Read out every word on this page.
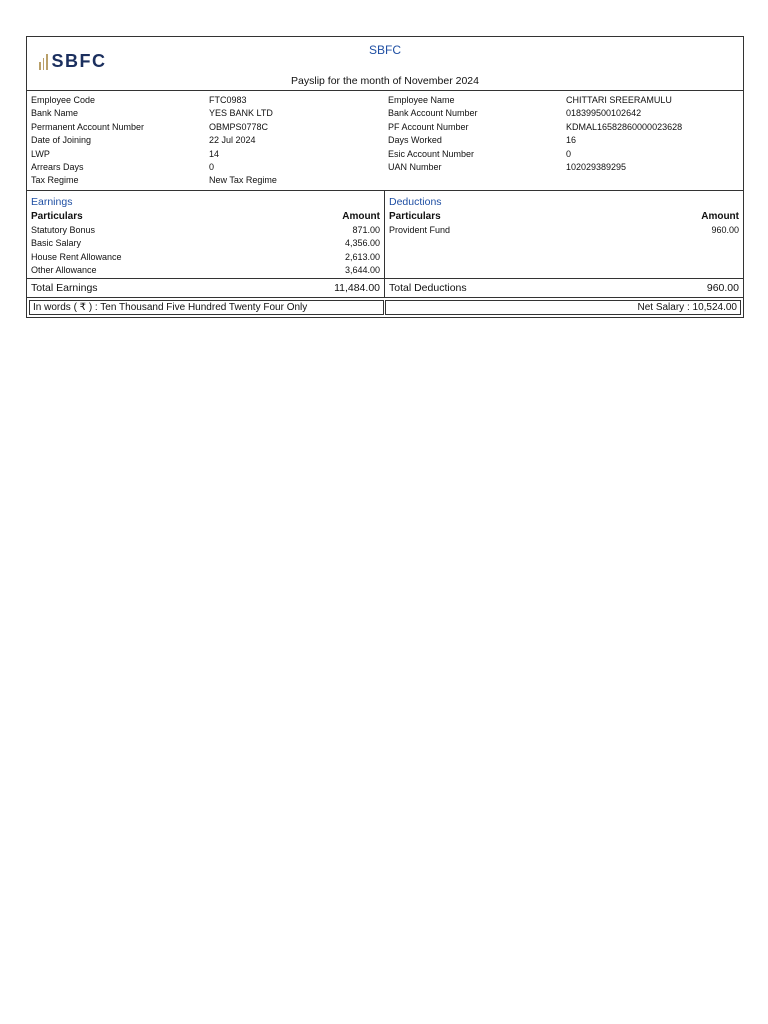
SBFC
SBFC
Payslip for the month of November 2024
Employee Code	FTC0983	Employee Name	CHITTARI SREERAMULU
Bank Name	YES BANK LTD	Bank Account Number	018399500102642
Permanent Account Number	OBMPS0778C	PF Account Number	KDMAL16582860000023628
Date of Joining	22 Jul 2024	Days Worked	16
LWP	14	Esic Account Number	0
Arrears Days	0	UAN Number	102029389295
Tax Regime	New Tax Regime
Earnings
Particulars	Amount
Statutory Bonus	871.00
Basic Salary	4,356.00
House Rent Allowance	2,613.00
Other Allowance	3,644.00
Deductions
Particulars	Amount
Provident Fund	960.00
Total Earnings	11,484.00 Total Deductions	960.00
In words ( ₹ ) : Ten Thousand Five Hundred Twenty Four Only	Net Salary : 10,524.00
